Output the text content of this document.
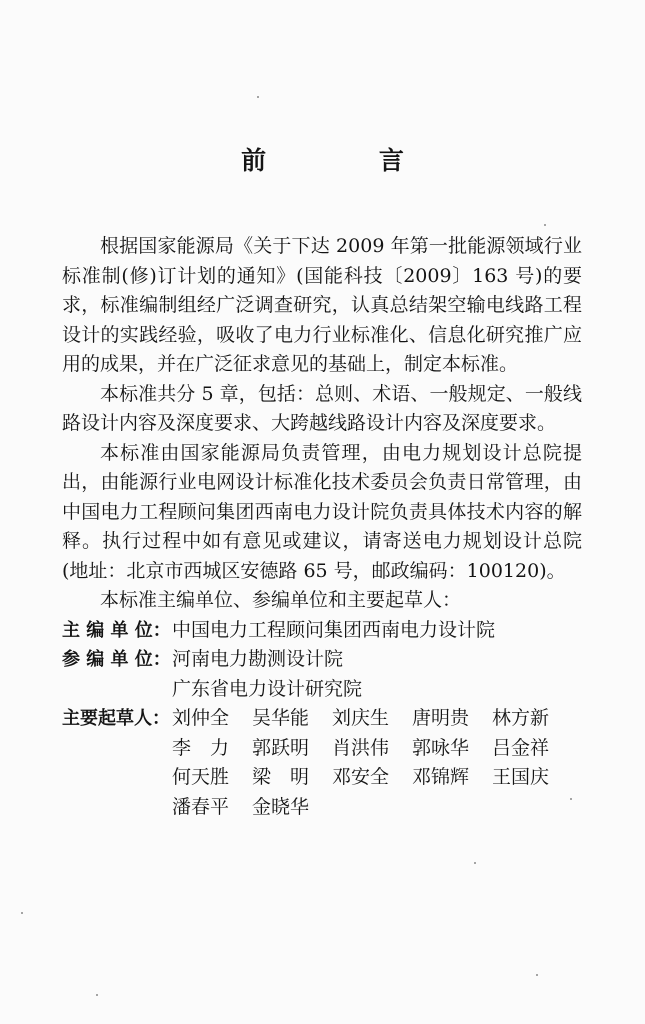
前 言

根据国家能源局《关于下达 2009 年第一批能源领域行业标准制(修)订计划的通知》(国能科技〔2009〕163 号)的要求，标准编制组经广泛调查研究，认真总结架空输电线路工程设计的实践经验，吸收了电力行业标准化、信息化研究推广应用的成果，并在广泛征求意见的基础上，制定本标准。

本标准共分 5 章，包括：总则、术语、一般规定、一般线路设计内容及深度要求、大跨越线路设计内容及深度要求。

本标准由国家能源局负责管理，由电力规划设计总院提出，由能源行业电网设计标准化技术委员会负责日常管理，由中国电力工程顾问集团西南电力设计院负责具体技术内容的解释。执行过程中如有意见或建议，请寄送电力规划设计总院(地址：北京市西城区安德路 65 号，邮政编码：100120)。

本标准主编单位、参编单位和主要起草人：

主 编 单 位： 中国电力工程顾问集团西南电力设计院
参 编 单 位： 河南电力勘测设计院
广东省电力设计研究院
主要起草人： 刘仲全	吴华能	刘庆生	唐明贵	林方新
李　力	郭跃明	肖洪伟	郭咏华	吕金祥
何天胜	梁　明	邓安全	邓锦辉	王国庆
潘春平	金晓华
